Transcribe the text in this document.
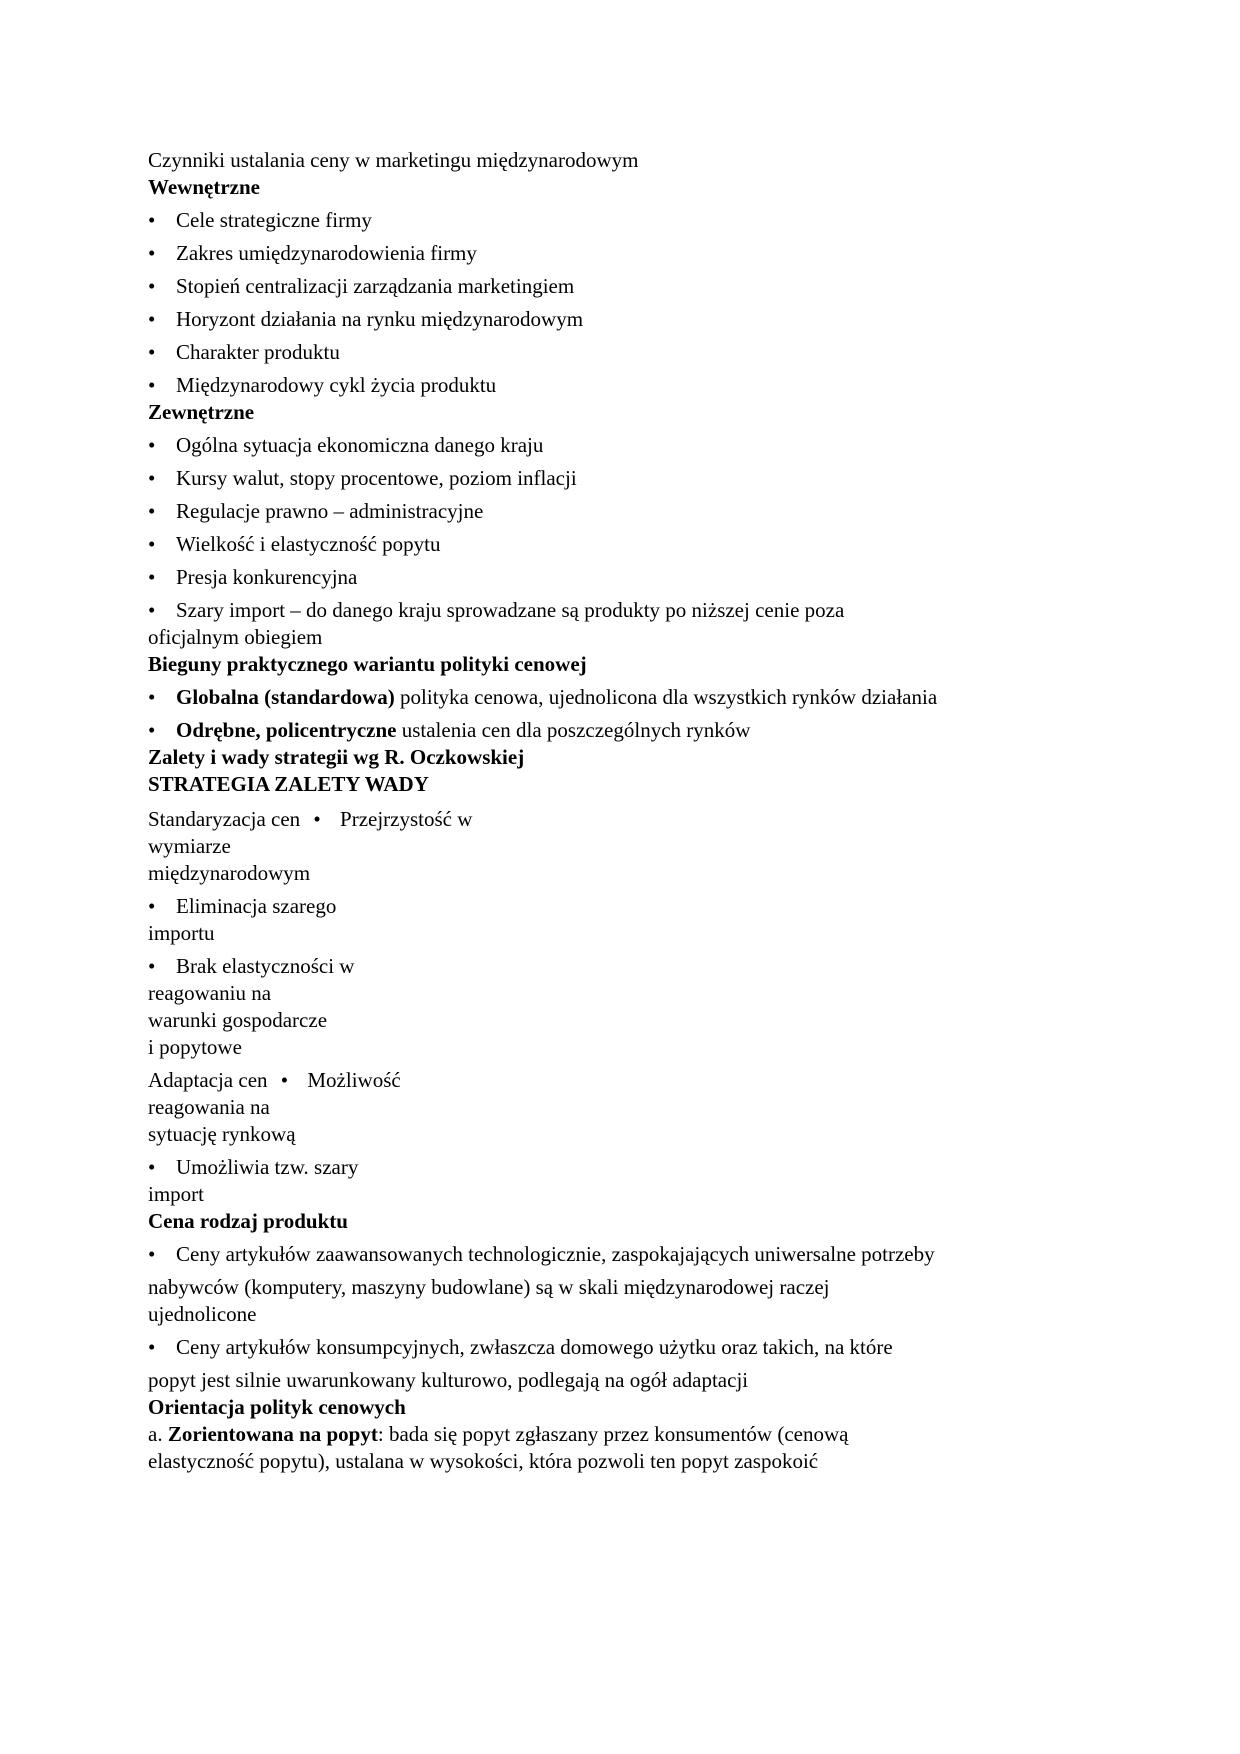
Czynniki ustalania ceny w marketingu międzynarodowym
Wewnętrzne
• Cele strategiczne firmy
• Zakres umiędzynarodowienia firmy
• Stopień centralizacji zarządzania marketingiem
• Horyzont działania na rynku międzynarodowym
• Charakter produktu
• Międzynarodowy cykl życia produktu
Zewnętrzne
• Ogólna sytuacja ekonomiczna danego kraju
• Kursy walut, stopy procentowe, poziom inflacji
• Regulacje prawno – administracyjne
• Wielkość i elastyczność popytu
• Presja konkurencyjna
• Szary import – do danego kraju sprowadzane są produkty po niższej cenie poza
oficjalnym obiegiem
Bieguny praktycznego wariantu polityki cenowej
• Globalna (standardowa) polityka cenowa, ujednolicona dla wszystkich rynków działania
• Odrębne, policentryczne ustalenia cen dla poszczególnych rynków
Zalety i wady strategii wg R. Oczkowskiej
STRATEGIA ZALETY WADY
Standaryzacja cen • Przejrzystość w
wymiarze
międzynarodowym
• Eliminacja szarego
importu
• Brak elastyczności w
reagowaniu na
warunki gospodarcze
i popytowe
Adaptacja cen • Możliwość
reagowania na
sytuację rynkową
• Umożliwia tzw. szary
import
Cena rodzaj produktu
• Ceny artykułów zaawansowanych technologicznie, zaspokajających uniwersalne potrzeby
nabywców (komputery, maszyny budowlane) są w skali międzynarodowej raczej
ujednolicone
• Ceny artykułów konsumpcyjnych, zwłaszcza domowego użytku oraz takich, na które
popyt jest silnie uwarunkowany kulturowo, podlegają na ogół adaptacji
Orientacja polityk cenowych
a. Zorientowana na popyt: bada się popyt zgłaszany przez konsumentów (cenową
elastyczność popytu), ustalana w wysokości, która pozwoli ten popyt zaspokoić
